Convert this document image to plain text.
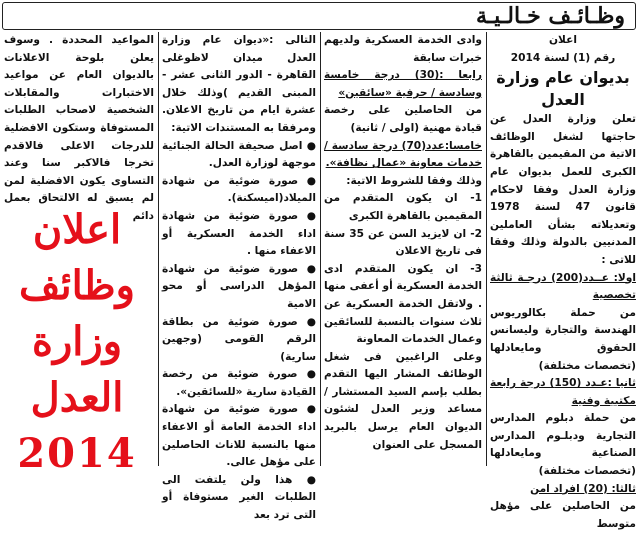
وظـائـف خـالـيـة

اعلان

رقم (1) لسنة 2014

بديوان عام وزارة العدل

تعلن وزارة العدل عن حاجتها لشغل الوظائف الاتية من المقيمين بالقاهرة الكبرى للعمل بديوان عام وزارة العدل وفقا لاحكام قانون 47 لسنة 1978 وتعديلاته بشأن العاملين المدنيين بالدولة وذلك وفقا للاتى :

اولا: عــدد(200) درجـة ثالثة تخصصية

من حملة بكالوريوس الهندسة والتجارة وليسانس الحقوق ومايعادلها (تخصصات مختلفة)

ثانيا :عـدد (150) درجة رابعة مكتبية وفنية

من حملة دبلوم المدارس التجارية ودبلـوم المدارس الصناعية ومايعادلها (تخصصات مختلفة)

ثالثا: (20) افراد امن

من الحاصلين على مؤهل متوسط

وادى الخدمة العسكرية ولديهم خبرات سابقة

رابعا :(30) درجة خامسة وسادسة / حرفية «سائقين»

من الحاصلين على رخصة قيادة مهنية (اولى / ثانية)

خامسا:عدد(70) درجة سادسة / خدمات معاونة «عمال نظافة».

وذلك وفقا للشروط الاتية:

1- ان يكون المتقدم من المقيمين بالقاهرة الكبرى

2- ان لايزيد السن عن 35 سنة فى تاريخ الاعلان

3- ان يكون المتقدم ادى الخدمة العسكرية أو أعفى منها . ولاتقل الخدمة العسكرية عن ثلاث سنوات بالنسبة للسائقين وعمال الخدمات المعاونة

وعلى الراغبين فى شغل الوظائف المشار اليها التقدم بطلب بإسم السيد المستشار / مساعد وزير العدل لشئون الديوان العام يرسل بالبريد المسجل على العنوان

التالى :«ديوان عام وزارة العدل ميدان لاظوغلى القاهرة - الدور الثانى عشر - المبنى القديم )وذلك خلال عشرة ايام من تاريخ الاعلان. ومرفقا به المستندات الاتية:

● اصل صحيفة الحالة الجنائية موجهة لوزارة العدل.

● صورة ضوئية من شهادة الميلاد(اميسكنة).

● صورة ضوئية من شهادة اداء الخدمة العسكرية أو الاعفاء منها .

● صورة ضوئية من شهادة المؤهل الدراسى أو محو الامية

● صورة ضوئية من بطاقة الرقم القومى (وجهين سارية)

● صورة ضوئية من رخصة القيادة سارية «للسائقين».

● صورة ضوئية من شهادة اداء الخدمة العامة أو الاعفاء منها بالنسبة للاناث الحاصلين على مؤهل عالى.

● هذا ولن يلتفت الى الطلبات الغير مستوفاة أو التى ترد بعد

المواعيد المحددة . وسوف يعلن بلوحة الاعلانات بالديوان العام عن مواعيد الاختبارات والمقابلات الشخصية لاصحاب الطلبات المستوفاة وستكون الافضلية للدرجات الاعلى فالاقدم تخرجا فالاكبر سنا وعند التساوى يكون الافضلية لمن لم يسبق له الالتحاق بعمل دائم

اعلان
وظائف
وزارة
العدل
2014
